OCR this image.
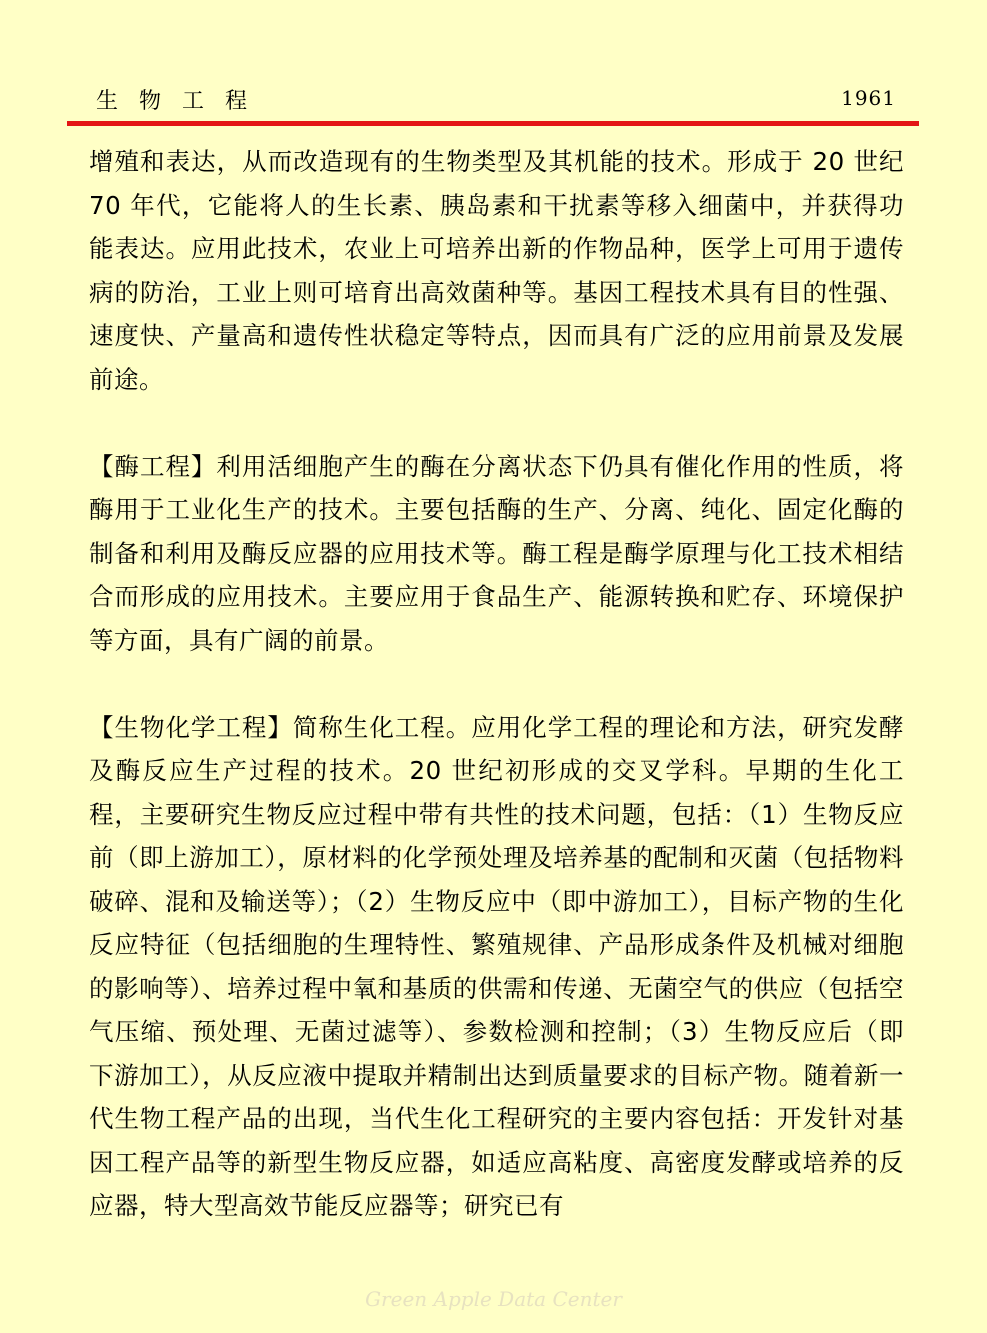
生物工程	1961

增殖和表达，从而改造现有的生物类型及其机能的技术。形成于 20 世纪 70 年代，它能将人的生长素、胰岛素和干扰素等移入细菌中，并获得功能表达。应用此技术，农业上可培养出新的作物品种，医学上可用于遗传病的防治，工业上则可培育出高效菌种等。基因工程技术具有目的性强、速度快、产量高和遗传性状稳定等特点，因而具有广泛的应用前景及发展前途。

【酶工程】利用活细胞产生的酶在分离状态下仍具有催化作用的性质，将酶用于工业化生产的技术。主要包括酶的生产、分离、纯化、固定化酶的制备和利用及酶反应器的应用技术等。酶工程是酶学原理与化工技术相结合而形成的应用技术。主要应用于食品生产、能源转换和贮存、环境保护等方面，具有广阔的前景。

【生物化学工程】简称生化工程。应用化学工程的理论和方法，研究发酵及酶反应生产过程的技术。20 世纪初形成的交叉学科。早期的生化工程，主要研究生物反应过程中带有共性的技术问题，包括：（1）生物反应前（即上游加工），原材料的化学预处理及培养基的配制和灭菌（包括物料破碎、混和及输送等）；（2）生物反应中（即中游加工），目标产物的生化反应特征（包括细胞的生理特性、繁殖规律、产品形成条件及机械对细胞的影响等）、培养过程中氧和基质的供需和传递、无菌空气的供应（包括空气压缩、预处理、无菌过滤等）、参数检测和控制；（3）生物反应后（即下游加工），从反应液中提取并精制出达到质量要求的目标产物。随着新一代生物工程产品的出现，当代生化工程研究的主要内容包括：开发针对基因工程产品等的新型生物反应器，如适应高粘度、高密度发酵或培养的反应器，特大型高效节能反应器等；研究已有

Green Apple Data Center
